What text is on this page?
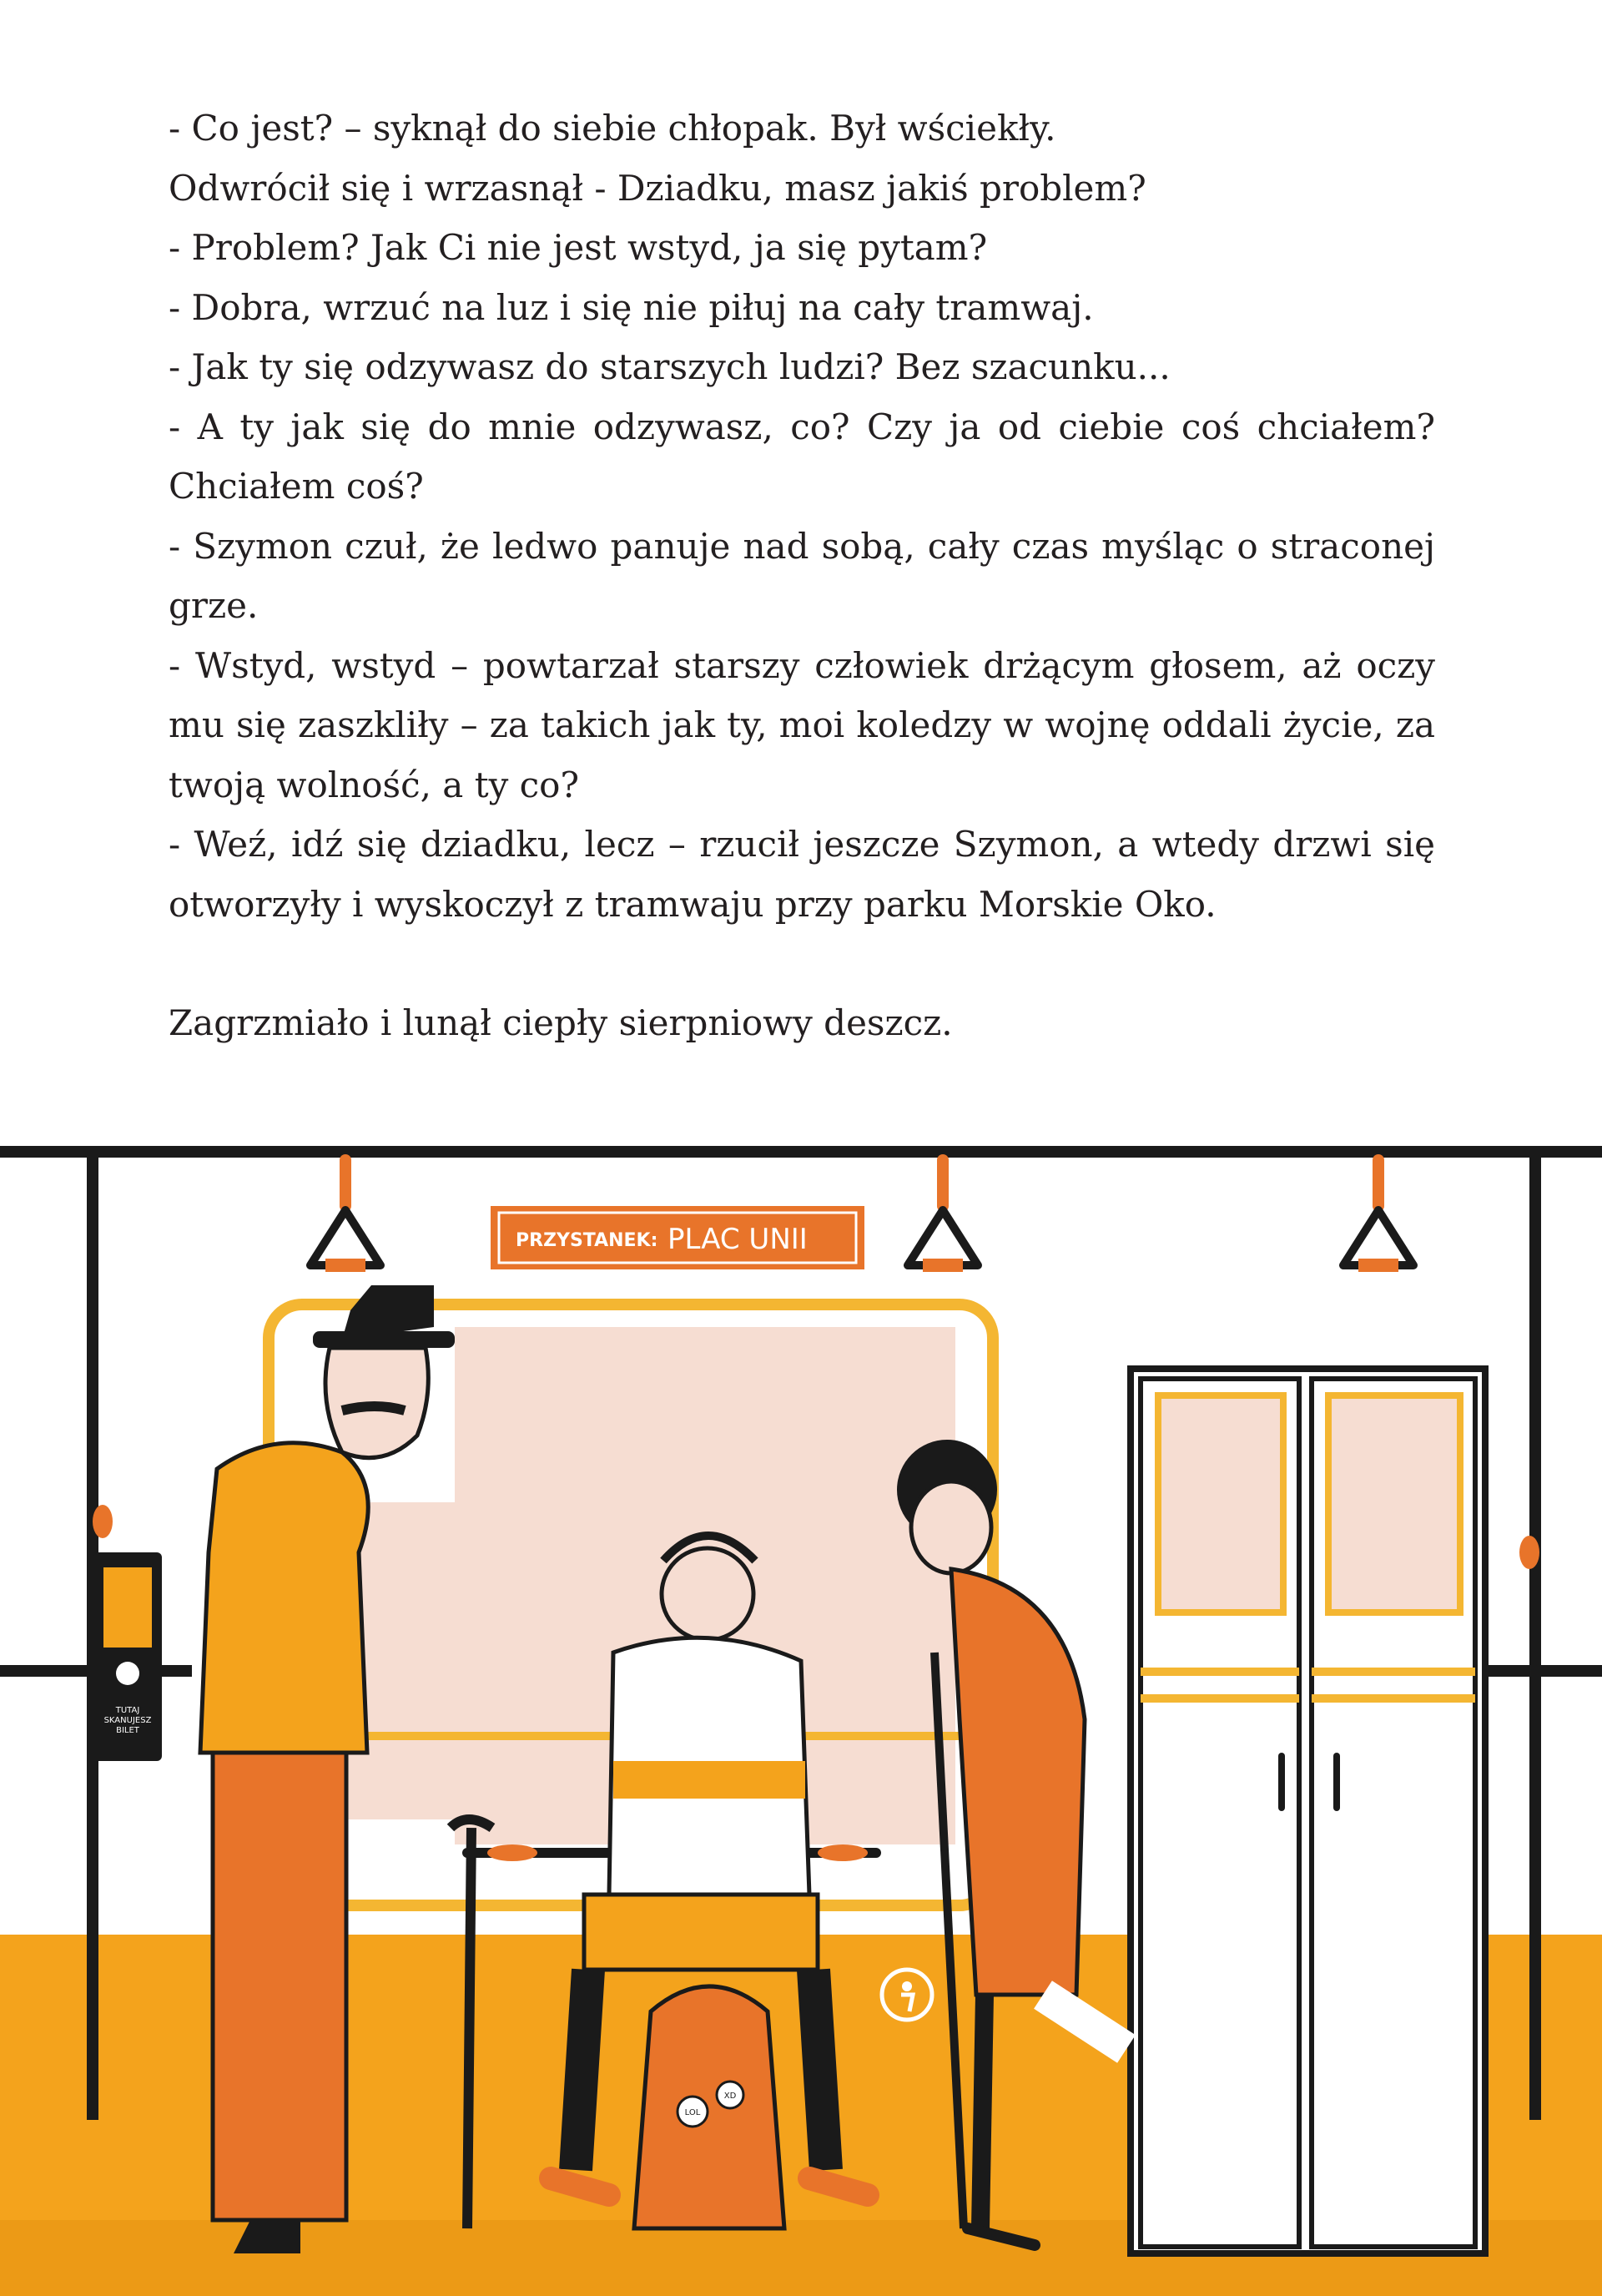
- Co jest? – syknął do siebie chłopak. Był wściekły.

Odwrócił się i wrzasnął - Dziadku, masz jakiś problem?

- Problem? Jak Ci nie jest wstyd, ja się pytam?

- Dobra, wrzuć na luz i się nie piłuj na cały tramwaj.

- Jak ty się odzywasz do starszych ludzi? Bez szacunku...

- A ty jak się do mnie odzywasz, co? Czy ja od ciebie coś chciałem? Chciałem coś?

- Szymon czuł, że ledwo panuje nad sobą, cały czas myśląc o straconej grze.

- Wstyd, wstyd – powtarzał starszy człowiek drżącym głosem, aż oczy mu się zaszkliły – za takich jak ty, moi koledzy w wojnę oddali życie, za twoją wolność, a ty co?

- Weź, idź się dziadku, lecz – rzucił jeszcze Szymon, a wtedy drzwi się otworzyły i wyskoczył z tramwaju przy parku Morskie Oko.

Zagrzmiało i lunął ciepły sierpniowy deszcz.

PRZYSTANEK: PLAC UNII
TUTAJ
SKANUJESZ
BILET
LOL
XD
